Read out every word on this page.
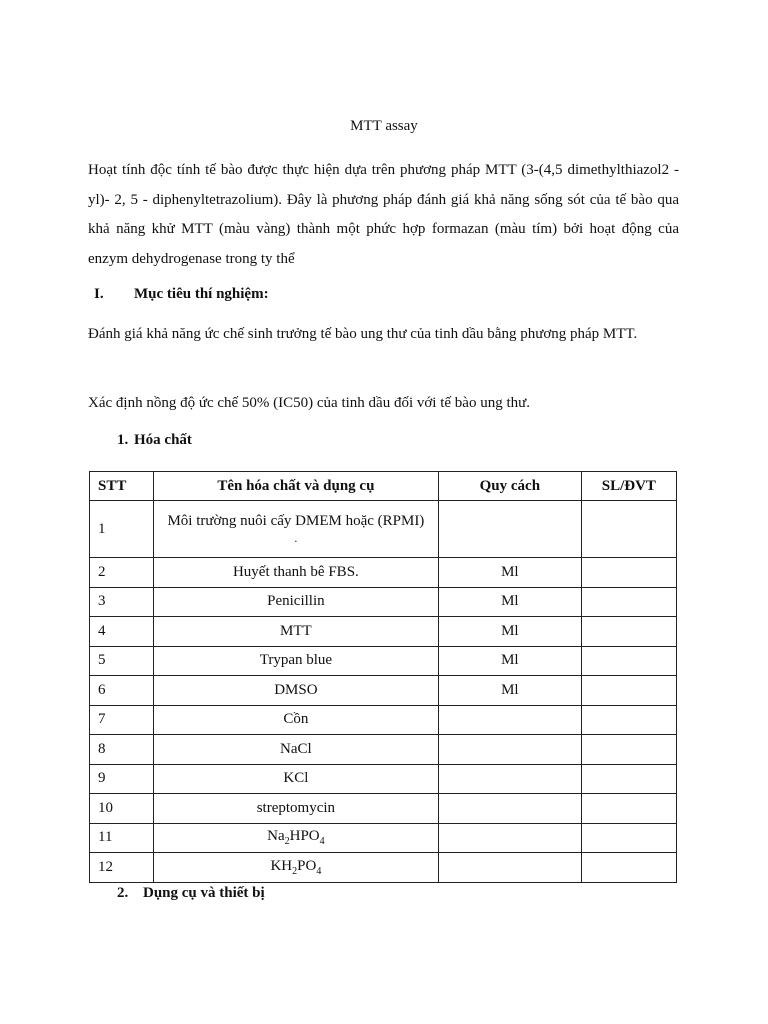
MTT assay
Hoạt tính độc tính tế bào được thực hiện dựa trên phương pháp MTT (3-(4,5 dimethylthiazol2 - yl)- 2, 5 - diphenyltetrazolium). Đây là phương pháp đánh giá khả năng sống sót của tế bào qua khả năng khử MTT (màu vàng) thành một phức hợp formazan (màu tím) bởi hoạt động của enzym dehydrogenase trong ty thể
I. Mục tiêu thí nghiệm:
Đánh giá khả năng ức chế sinh trưởng tế bào ung thư của tinh dầu bằng phương pháp MTT.
Xác định nồng độ ức chế 50% (IC50) của tinh dầu đối với tế bào ung thư.
1. Hóa chất
STT	Tên hóa chất và dụng cụ	Quy cách	SL/ĐVT
1	Môi trường nuôi cấy DMEM hoặc (RPMI)
.		

2	Huyết thanh bê FBS.	Ml	
3	Penicillin	Ml	
4	MTT	Ml	
5	Trypan blue	Ml	
6	DMSO	Ml	
7	Cồn		
8	NaCl		
9	KCl		
10	streptomycin		
11	$Na_2HPO_4$		
12	$KH_2PO_4$		
2. Dụng cụ và thiết bị
